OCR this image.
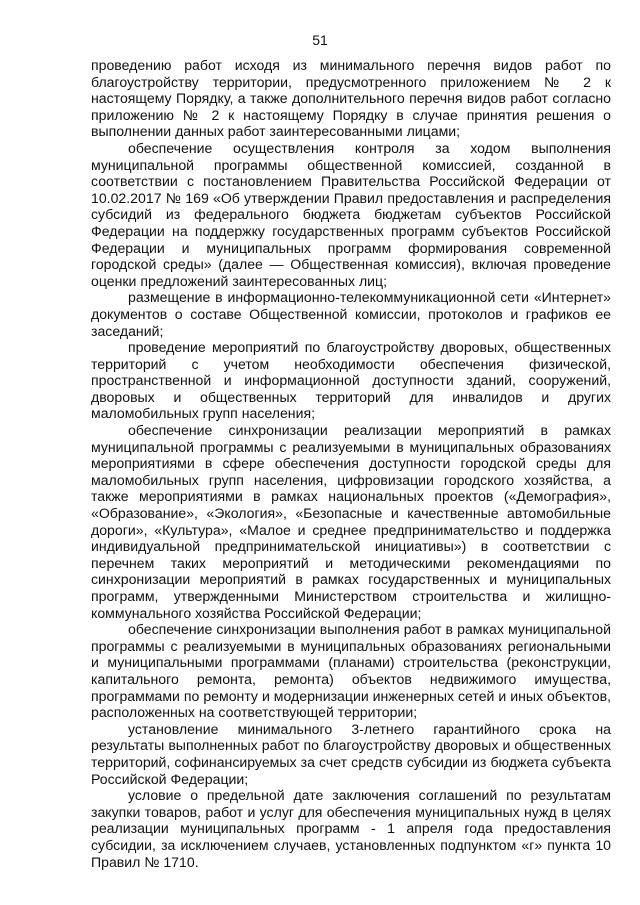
51

проведению работ исходя из минимального перечня видов работ по благоустройству территории, предусмотренного приложением № 2 к настоящему Порядку, а также дополнительного перечня видов работ согласно приложению № 2 к настоящему Порядку в случае принятия решения о выполнении данных работ заинтересованными лицами;

обеспечение осуществления контроля за ходом выполнения муниципальной программы общественной комиссией, созданной в соответствии с постановлением Правительства Российской Федерации от 10.02.2017 № 169 «Об утверждении Правил предоставления и распределения субсидий из федерального бюджета бюджетам субъектов Российской Федерации на поддержку государственных программ субъектов Российской Федерации и муниципальных программ формирования современной городской среды» (далее — Общественная комиссия), включая проведение оценки предложений заинтересованных лиц;

размещение в информационно-телекоммуникационной сети «Интернет» документов о составе Общественной комиссии, протоколов и графиков ее заседаний;

проведение мероприятий по благоустройству дворовых, общественных территорий с учетом необходимости обеспечения физической, пространственной и информационной доступности зданий, сооружений, дворовых и общественных территорий для инвалидов и других маломобильных групп населения;

обеспечение синхронизации реализации мероприятий в рамках муниципальной программы с реализуемыми в муниципальных образованиях мероприятиями в сфере обеспечения доступности городской среды для маломобильных групп населения, цифровизации городского хозяйства, а также мероприятиями в рамках национальных проектов («Демография», «Образование», «Экология», «Безопасные и качественные автомобильные дороги», «Культура», «Малое и среднее предпринимательство и поддержка индивидуальной предпринимательской инициативы») в соответствии с перечнем таких мероприятий и методическими рекомендациями по синхронизации мероприятий в рамках государственных и муниципальных программ, утвержденными Министерством строительства и жилищно-коммунального хозяйства Российской Федерации;

обеспечение синхронизации выполнения работ в рамках муниципальной программы с реализуемыми в муниципальных образованиях региональными и муниципальными программами (планами) строительства (реконструкции, капитального ремонта, ремонта) объектов недвижимого имущества, программами по ремонту и модернизации инженерных сетей и иных объектов, расположенных на соответствующей территории;

установление минимального 3-летнего гарантийного срока на результаты выполненных работ по благоустройству дворовых и общественных территорий, софинансируемых за счет средств субсидии из бюджета субъекта Российской Федерации;

условие о предельной дате заключения соглашений по результатам закупки товаров, работ и услуг для обеспечения муниципальных нужд в целях реализации муниципальных программ - 1 апреля года предоставления субсидии, за исключением случаев, установленных подпунктом «г» пункта 10 Правил № 1710.
